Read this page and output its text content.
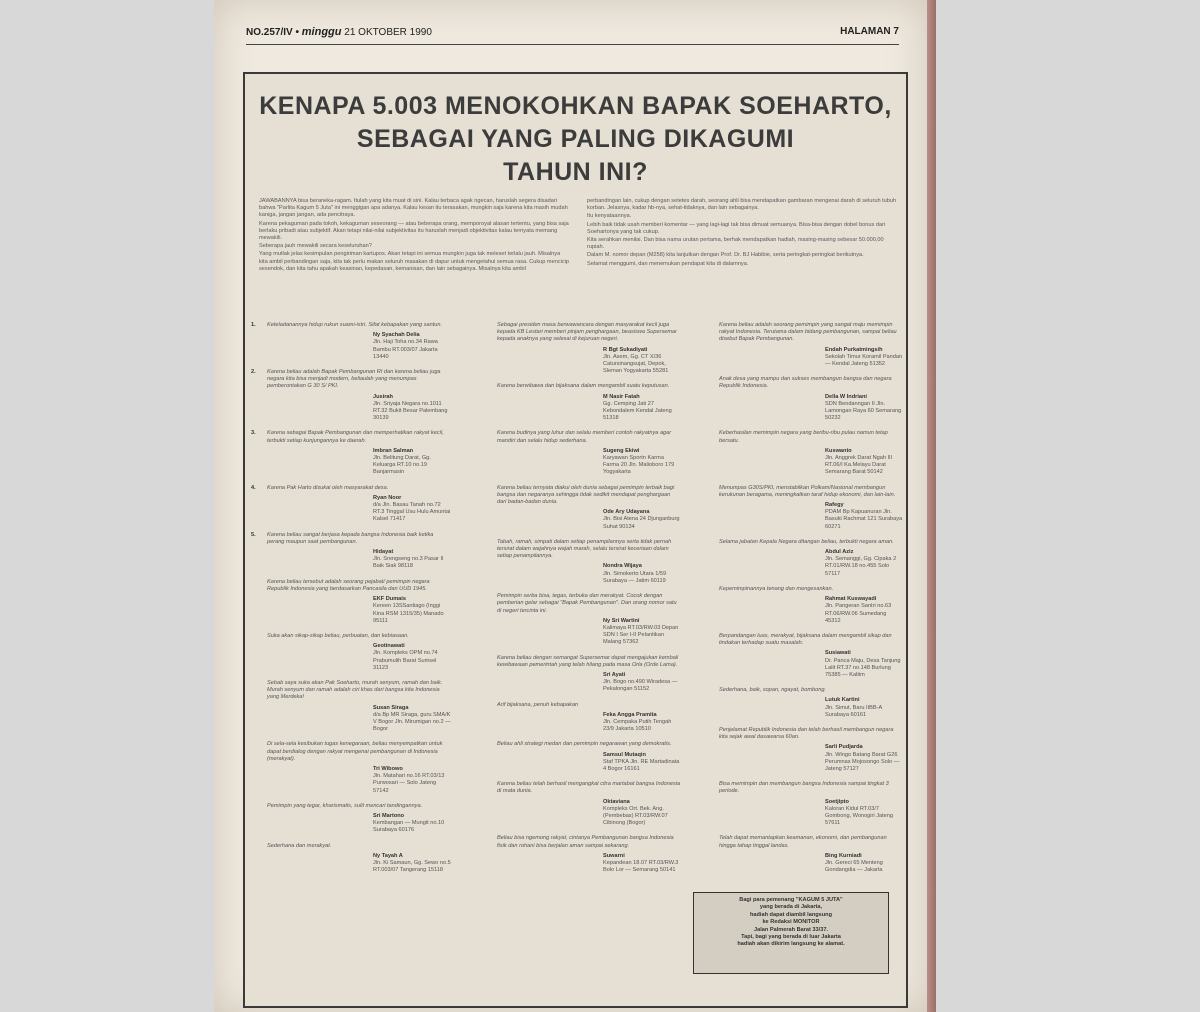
NO.257/IV • minggu 21 OKTOBER 1990	HALAMAN 7
KENAPA 5.003 MENOKOHKAN BAPAK SOEHARTO,
SEBAGAI YANG PALING DIKAGUMI
TAHUN INI?

JAWABANNYA bisa beraneka-ragam. Itulah yang kita muat di sini. Kalau terbaca agak ngecan, haruslah segera disadari bahwa "Parlita Kagum 5 Juta" ini menggigan apa adanya. Kalau kesan itu terasakan, mungkin saja karena kita masih mudah kaniga, jangan jangan, ada pencitraya.

Karena pekaguman pada tokoh, kekaguman seseorang — atau beberapa orang, memporoyal alasan tertentu, yang bisa saja berlaku pribadi atau subjektif. Akan tetapi nilai-nilai subjektivitas itu haruslah menjadi objektivitas kalau ternyata memang mewakili.

Seberapa jauh mewakili secara keseluruhan?

Yang mutlak jelas kesimpulan pengiriman kartupos. Akan tetapi ini semua mungkin juga tak meleset terlalu jauh. Misalnya kita ambil perbandingan saja, kita tak perlu makan seluruh masakan di dapur untuk mengetahui semua rasa. Cukup mencicip sesendok, dan kita tahu apakah keasinan, kepedasan, kemanisan, dan lain sebagainya. Misalnya kita ambil

perbandingan lain, cukup dengan setetes darah, seorang ahli bisa mendapatkan gambaran mengenai darah di seluruh tubuh korban. Jelasnya, kadar hb-nya, sehat-tidaknya, dan lain sebagainya.

Itu kenyataannya.

Lebih baik tidak usah memberi komentar — yang lagi-lagi tak bisa dimuat semuanya. Bisa-bisa dengan dobel bonus dari Soehartonya yang tak cukup.

Kita serahkan menilai. Dan bisa nama urutan pertama, berhak mendapatkan hadiah, masing-masing sebesar 50.000,00 rupiah.

Dalam M. nomor depan (M258) kita lanjutkan dengan Prof. Dr. BJ Habibie, serta peringkat-peringkat berikutnya.

Selamat menggumi, dan menemukan pendapat kita di dalamnya.

1. Keteladanannya hidup rukun suami-istri. Sifat kebapakan yang santun.
Ny Syachah Delia
Jln. Haji Toha no.34 Rawa Bambu RT.003/07 Jakarta 13440
2. Karena beliau adalah Bapak Pembangunan RI dan karena beliau juga negara kita bisa menjadi modern, beliaulah yang menumpas pemberontakan G 30 S/ PKI.
Jusirah
Jln. Sriyaja Negara no.1011 RT.32 Bukit Besar Palembang 30139
3. Karena sebagai Bapak Pembangunan dan memperhatikan rakyat kecil, terbukti setiap kunjungannya ke daerah.
Imbran Salman
Jln. Belitung Darat, Gg. Keluarga RT.10 no.19 Banjarmasin
4. Karena Pak Harto disukai oleh masyarakat desa.
Ryan Noor
d/a Jln. Basau Tanah no.72 RT.3 Tinggal Usu Hulu Amuntai Kalsel 71417
5. Karena beliau sangat berjasa kepada bangsa Indonesia baik ketika perang maupun saat pembangunan.
Hidayat
Jln. Srengseng no.3 Pasar II Baik Siak 98118
Karena beliau tersebut adalah seorang pejabat/ pemimpin negara Republik Indonesia yang berdasarkan Pancasila dan UUD 1945.
EKF Dumais
Kereen 13SSantiago (Inggi Kina RSM 1315/35) Manado 95111
Suka akan sikap-sikap beliau, perbuatan, dan kebiasaan.
Geotinawati
Jln. Kompleks OPM no.74 Prabumulih Barat Sumsel 31123
Sebab saya suka akan Pak Soeharto, murah senyum, ramah dan baik. Murah senyum dan ramah adalah ciri khas dari bangsa kita Indonesia yang Merdeka!
Susan Siraga
d/a Bp MR Siraga, guru SMA/K V Bogor Jln. Mirumigan no.2 — Bogor
Di sela-sela kesibukan tugas kenegaraan, beliau menyempatkan untuk dapat berdialog dengan rakyat mengenai pembangunan di Indonesia (merakyat).
Tri Wibowo
Jln. Matahari no.16 RT.03/13 Purwosari — Solo Jateng 57142
Pemimpin yang tegar, kharismatis, sulit mencari tandingannya.
Sri Martono
Kembangan — Mungit no.10 Surabaya 60176
Sederhana dan merakyat.
Ny Tayah A
Jln. Ki Samaun, Gg. Sewo no.5 RT.003/07 Tangerang 15118
Sebagai presiden masa berwawancara dengan masyarakat kecil juga kepada KB Lestari memberi pinjam penghargaan, beasiswa Supersemar kepada anaknya yang selesai di kejuruan negeri.
R Bgt Sukadiyati
Jln. Asem, Gg. CT X/36 Catursinangsujat, Depok, Sleman Yogyakarta 55281
Karena berwibawa dan bijaksana dalam mengambil suatu keputusan.
M Nasir Fatah
Gg. Cemping Jati 27 Kebondalem Kendal Jateng 51318
Karena budinya yang luhur dan selalu memberi contoh rakyatnya agar mandiri dan selalu hidup sederhana.
Sugeng Ekiwi
Karyawan Sportn Karma Farma 20 Jln. Malioboro 179 Yogyakarta
Karena beliau ternyata diakui oleh dunia sebagai pemimpin terbaik bagi bangsa dan negaranya sehingga tidak sedikit mendapat penghargaan dari badan-badan dunia.
Ode Ary Udayana
Jln. Bisi Atena 24 Djunganburg Suhat 90134
Tabah, ramah, simpati dalam setiap penampilannya serta tidak pernah tersirat dalam wajahnya wajah marah, selalu tersirat keceriaan dalam setiap penampilannya.
Nondra Wijaya
Jln. Simokerto Utara 1/59 Surabaya — Jatim 60119
Pemimpin serba bisa, tegas, terbuka dan merakyat. Cocok dengan pemberian gelar sebagai "Bapak Pembangunan". Dan orang nomor satu di negeri tercinta ini.
Ny Sri Wartini
Kalimaya RT.03/RW.03 Depan SDN I Ser I-II Pelantikan Malang 57362
Karena beliau dengan semangat Supersemar dapat mengajukan kembali kewibawaan pemerintah yang telah hilang pada masa Orla (Orde Lama).
Sri Ayati
Jln. Bogo no.490 Wiradesa — Pekalongan 51152
Arif bijaksana, penuh kebapakan
Feka Angga Pramita
Jln. Cempaka Putih Tengah 23/9 Jakarta 10510
Beliau ahli strategi medan dan pemimpin negarawan yang demokratis.
Samsul Mutaqin
Staf TPKA Jln. RE Martadinata 4 Bogor 16161
Karena beliau telah berhasil mengangkat citra martabat bangsa Indonesia di mata dunia.
Oktaviana
Kompleks Ort. Bek. Ang. (Pembebas) RT.03/RW.07 Cibinong (Bogor)
Beliau bisa ngemong rakyat, cintanya Pembangunan bangsa Indonesia fisik dan rohani bisa berjalan aman sampai sekarang.
Suwarni
Kepandean 18.07 RT.03/RW.3 Bolo Lor — Semarang 50141
Karena beliau adalah seorang pemimpin yang sangat maju memimpin rakyat Indonesia. Terutama dalam bidang pembangunan, sampai beliau disebut Bapak Pembangunan.
Endah Purkatmingsih
Sekolah Timur Koramil Pandan — Kendal Jateng 51352
Anak desa yang mampu dan sukses membangun bangsa dan negara Republik Indonesia.
Della W Indriani
SDN Bendanngan II Jln. Lamongan Raya 60 Semarang 50232
Keberhasilan memimpin negara yang beribu-ribu pulau namun tetap bersatu.
Kuswanto
Jln. Anggrek Darat Ngah III RT.06/I Ka.Melayu Darat Semarang Barat 50142
Menumpas G30S/PKI, menstabilkan Polkam/Nasional membangun kerukunan beragama, meningkatkan taraf hidup ekonomi, dan lain-lain.
Rafegy
PDAM Bp Kapuanuran Jln. Basuki Rachmat 121 Surabaya 60271
Selama jabatan Kepala Negara ditangan beliau, terbukti negara aman.
Abdul Aziz
Jln. Semanggi, Gg. Cipaka 2 RT.01/RW.18 no.455 Solo 57117
Kepemimpinannya tenang dan mengesankan.
Rahmat Kuswayadi
Jln. Pangeran Santri no.63 RT.06/RW.06 Sumedang 45312
Berpandangan luas, merakyat, bijaksana dalam mengambil sikap dan tindakan terhadap suatu masalah.
Susiawati
Dr. Panca Maju, Desa Tanjung Lalit RT.37 no.148 Burlung 75385 — Kaltim
Sederhana, baik, sopan, ngayat, bombong.
Lutuk Kartini
Jln. Simut, Baru IIBB-A Surabaya 60161
Penjelamat Republik Indonesia dan telah berhasil membangun negara kita sejak awal dasawarsa 60an.
Sarli Pudjarda
Jln. Wingo Batang Barat G26 Perumnas Mojosongo Solo — Jateng 57127
Bisa memimpin dan membangun bangsa Indonesia sampai tingkat 3 periode.
Soetjipto
Kaloran Kidul RT.03/7 Gombong, Wonogiri Jateng 57611
Telah dapat memantapkan keamanan, ekonomi, dan pembangunan hingga tahap tinggal landas.
Bing Kurniadi
Jln. Gereci 65 Menteng Gondangdia — Jakarta

Bagi para pemenang "KAGUM 5 JUTA"

yang berada di Jakarta,

hadiah dapat diambil langsung

ke Redaksi MONITOR

Jalan Palmerah Barat 33/37.

Tapi, bagi yang berada di luar Jakarta

hadiah akan dikirim langsung ke alamat.
